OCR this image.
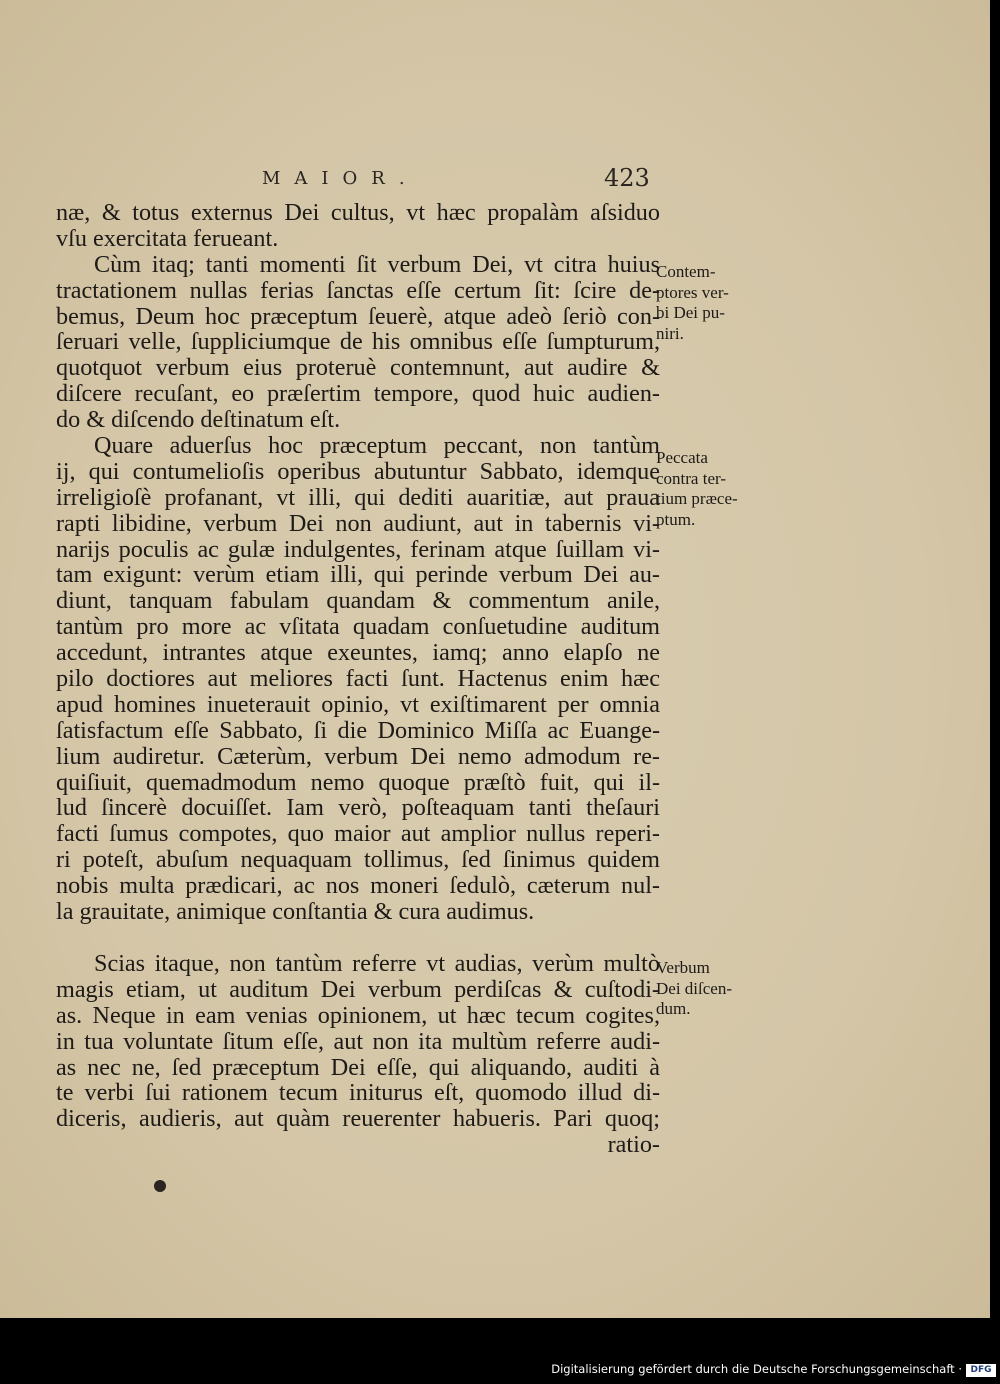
MAIOR.	423
næ, & totus externus Dei cultus, vt hæc propalàm aſsiduo
vſu exercitata ferueant.
Cùm itaq; tanti momenti ſit verbum Dei, vt citra huius
tractationem nullas ferias ſanctas eſſe certum ſit: ſcire de-
bemus, Deum hoc præceptum ſeuerè, atque adeò ſeriò con-
ſeruari velle, ſuppliciumque de his omnibus eſſe ſumpturum,
quotquot verbum eius proteruè contemnunt, aut audire &
diſcere recuſant, eo præſertim tempore, quod huic audien-
do & diſcendo deſtinatum eſt.
Quare aduerſus hoc præceptum peccant, non tantùm
ij, qui contumelioſis operibus abutuntur Sabbato, idemque
irreligioſè profanant, vt illi, qui dediti auaritiæ, aut praua
rapti libidine, verbum Dei non audiunt, aut in tabernis vi-
narijs poculis ac gulæ indulgentes, ferinam atque ſuillam vi-
tam exigunt: verùm etiam illi, qui perinde verbum Dei au-
diunt, tanquam fabulam quandam & commentum anile,
tantùm pro more ac vſitata quadam conſuetudine auditum
accedunt, intrantes atque exeuntes, iamq; anno elapſo ne
pilo doctiores aut meliores facti ſunt. Hactenus enim hæc
apud homines inueterauit opinio, vt exiſtimarent per omnia
ſatisfactum eſſe Sabbato, ſi die Dominico Miſſa ac Euange-
lium audiretur. Cæterùm, verbum Dei nemo admodum re-
quiſiuit, quemadmodum nemo quoque præſtò fuit, qui il-
lud ſincerè docuiſſet. Iam verò, poſteaquam tanti theſauri
facti ſumus compotes, quo maior aut amplior nullus reperi-
ri poteſt, abuſum nequaquam tollimus, ſed ſinimus quidem
nobis multa prædicari, ac nos moneri ſedulò, cæterum nul-
la grauitate, animique conſtantia & cura audimus.
Scias itaque, non tantùm referre vt audias, verùm multò
magis etiam, ut auditum Dei verbum perdiſcas & cuſtodi-
as. Neque in eam venias opinionem, ut hæc tecum cogites,
in tua voluntate ſitum eſſe, aut non ita multùm referre audi-
as nec ne, ſed præceptum Dei eſſe, qui aliquando, auditi à
te verbi ſui rationem tecum initurus eſt, quomodo illud di-
diceris, audieris, aut quàm reuerenter habueris. Pari quoq;
ratio-
Contem-
ptores ver-
bi Dei pu-
niri.
Peccata
contra ter-
tium præce-
ptum.
Verbum
Dei diſcen-
dum.
Digitalisierung gefördert durch die Deutsche Forschungsgemeinschaft · DFG
